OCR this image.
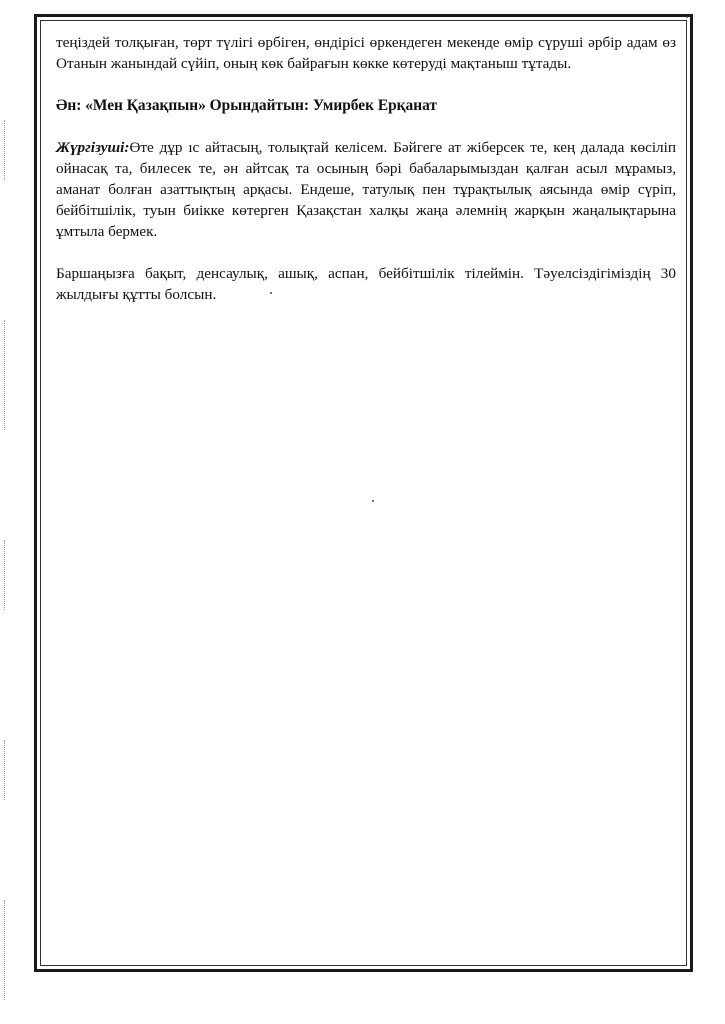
теңіздей толқыған, төрт түлігі өрбіген, өндірісі өркендеген мекенде өмір сүруші әрбір адам өз Отанын жанындай сүйіп, оның көк байрағын көкке көтеруді мақтаныш тұтады.

Ән: «Мен Қазақпын» Орындайтын: Умирбек Ерқанат

Жүргізуші:Өте дұр ıс айтасың, толықтай келісем. Бәйгеге ат жіберсек те, кең далада көсіліп ойнасақ та, билесек те, ән айтсақ та осының бәрі бабаларымыздан қалған асыл мұрамыз, аманат болған азаттықтың арқасы. Ендеше, татулық пен тұрақтылық аясында өмір сүріп, бейбітшілік, туын биікке көтерген Қазақстан халқы жаңа әлемнің жарқын жаңалықтарына ұмтыла бермек.

Баршаңызға бақыт, денсаулық, ашық, аспан, бейбітшілік тілеймін. Тәуелсіздігіміздің 30 жылдығы құтты болсын.
